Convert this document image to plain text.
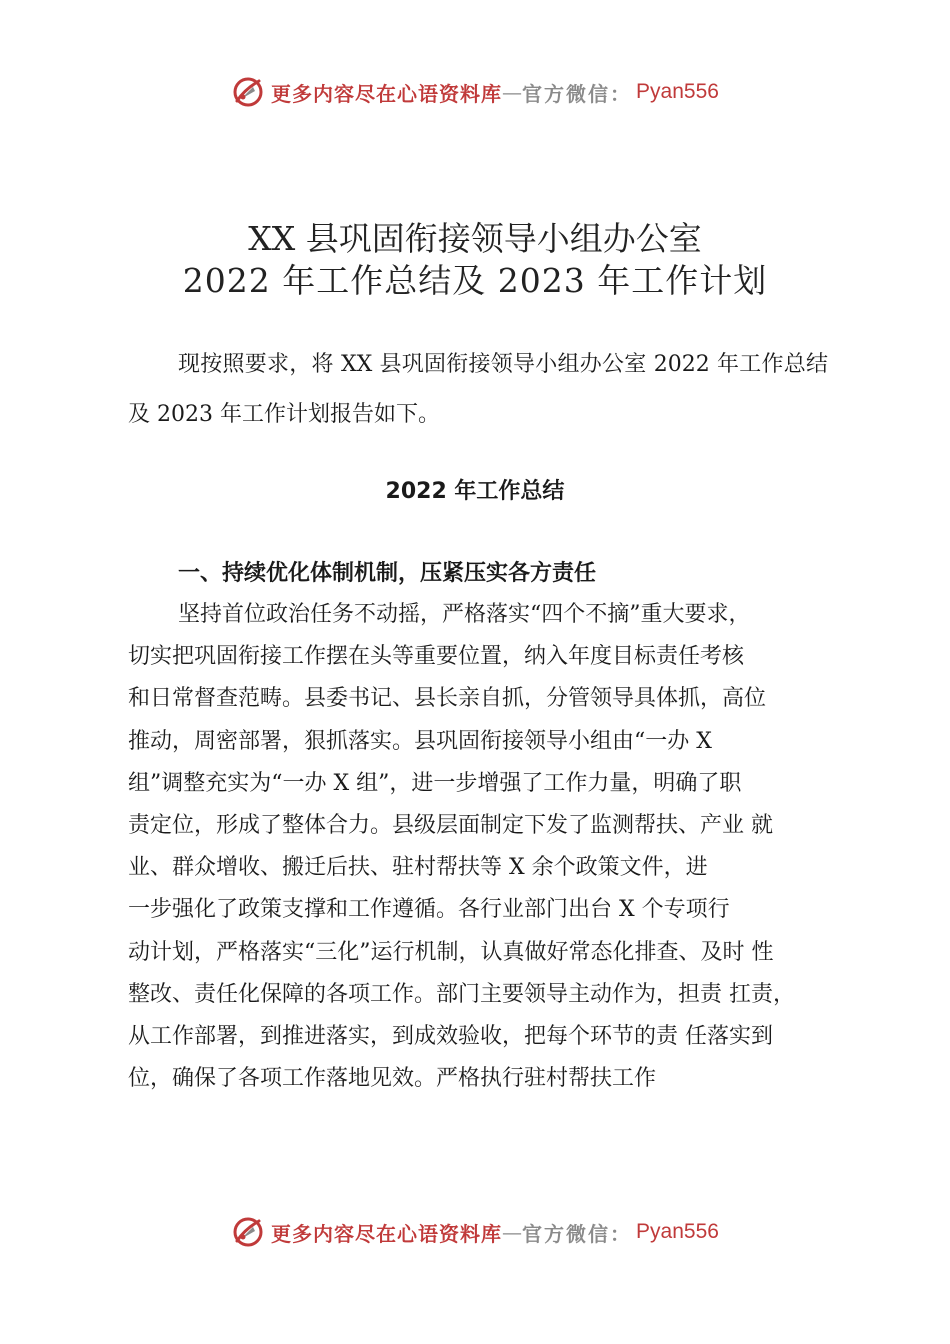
更多内容尽在心语资料库 — 官方微信： Pyan556
XX 县巩固衔接领导小组办公室
2022 年工作总结及 2023 年工作计划

现按照要求，将 XX 县巩固衔接领导小组办公室 2022 年工作总结及 2023 年工作计划报告如下。

2022 年工作总结
一、持续优化体制机制，压紧压实各方责任
坚持首位政治任务不动摇，严格落实“四个不摘”重大要求，
切实把巩固衔接工作摆在头等重要位置，纳入年度目标责任考核
和日常督查范畴。县委书记、县长亲自抓，分管领导具体抓，高位
推动，周密部署，狠抓落实。县巩固衔接领导小组由“一办 X
组”调整充实为“一办 X 组”，进一步增强了工作力量，明确了职
责定位，形成了整体合力。县级层面制定下发了监测帮扶、产业 就
业、群众增收、搬迁后扶、驻村帮扶等 X 余个政策文件，进
一步强化了政策支撑和工作遵循。各行业部门出台 X 个专项行
动计划，严格落实“三化”运行机制，认真做好常态化排查、及时 性
整改、责任化保障的各项工作。部门主要领导主动作为，担责 扛责，
从工作部署，到推进落实，到成效验收，把每个环节的责 任落实到
位，确保了各项工作落地见效。严格执行驻村帮扶工作
更多内容尽在心语资料库 — 官方微信： Pyan556
